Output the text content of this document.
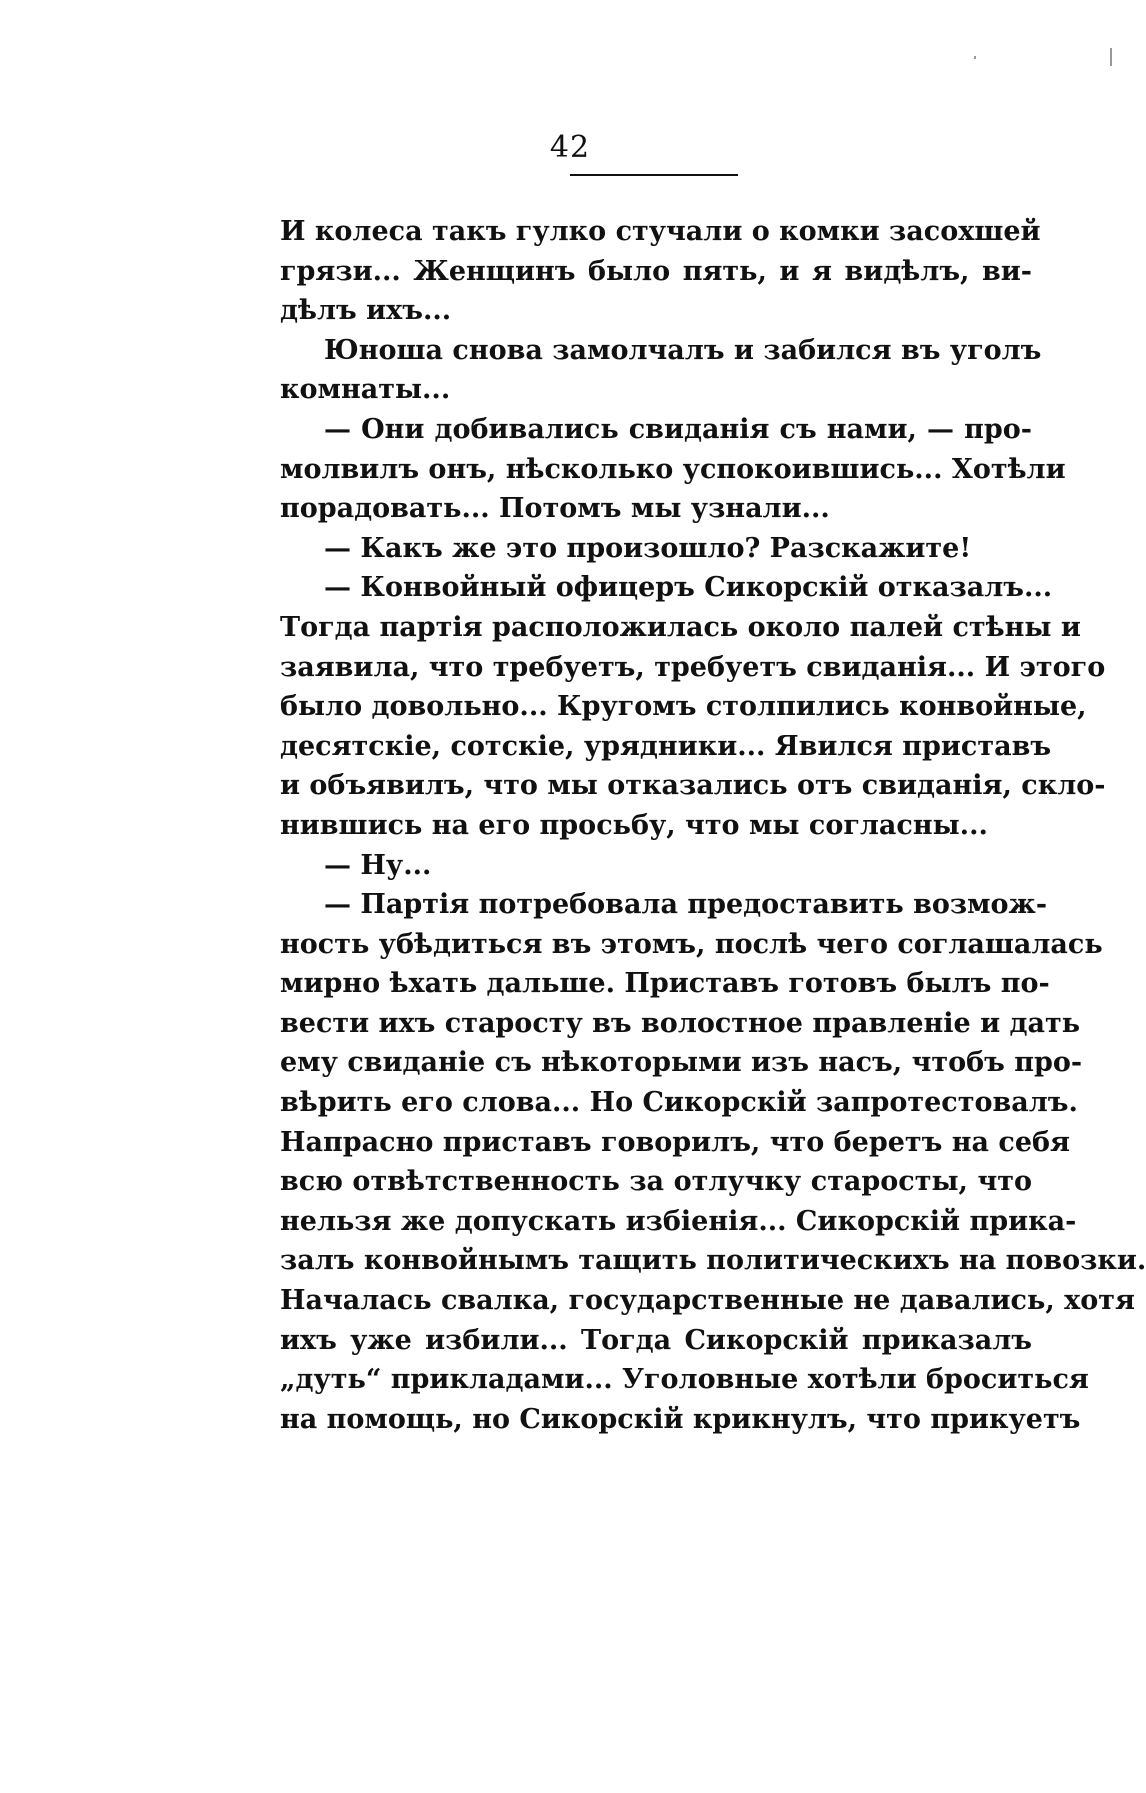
42
И колеса такъ гулко стучали о комки засохшей
грязи... Женщинъ было пять, и я видѣлъ, ви-
дѣлъ ихъ...
Юноша снова замолчалъ и забился въ уголъ
комнаты...
— Они добивались свиданія съ нами, — про-
молвилъ онъ, нѣсколько успокоившись... Хотѣли
порадовать... Потомъ мы узнали...
— Какъ же это произошло? Разскажите!
— Конвойный офицеръ Сикорскій отказалъ...
Тогда партія расположилась около палей стѣны и
заявила, что требуетъ, требуетъ свиданія... И этого
было довольно... Кругомъ столпились конвойные,
десятскіе, сотскіе, урядники... Явился приставъ
и объявилъ, что мы отказались отъ свиданія, скло-
нившись на его просьбу, что мы согласны...
— Ну...
— Партія потребовала предоставить возмож-
ность убѣдиться въ этомъ, послѣ чего соглашалась
мирно ѣхать дальше. Приставъ готовъ былъ по-
вести ихъ старосту въ волостное правленіе и дать
ему свиданіе съ нѣкоторыми изъ насъ, чтобъ про-
вѣрить его слова... Но Сикорскій запротестовалъ.
Напрасно приставъ говорилъ, что беретъ на себя
всю отвѣтственность за отлучку старосты, что
нельзя же допускать избіенія... Сикорскій прика-
залъ конвойнымъ тащить политическихъ на повозки.
Началась свалка, государственные не давались, хотя
ихъ уже избили... Тогда Сикорскій приказалъ
„дуть“ прикладами... Уголовные хотѣли броситься
на помощь, но Сикорскій крикнулъ, что прикуетъ
